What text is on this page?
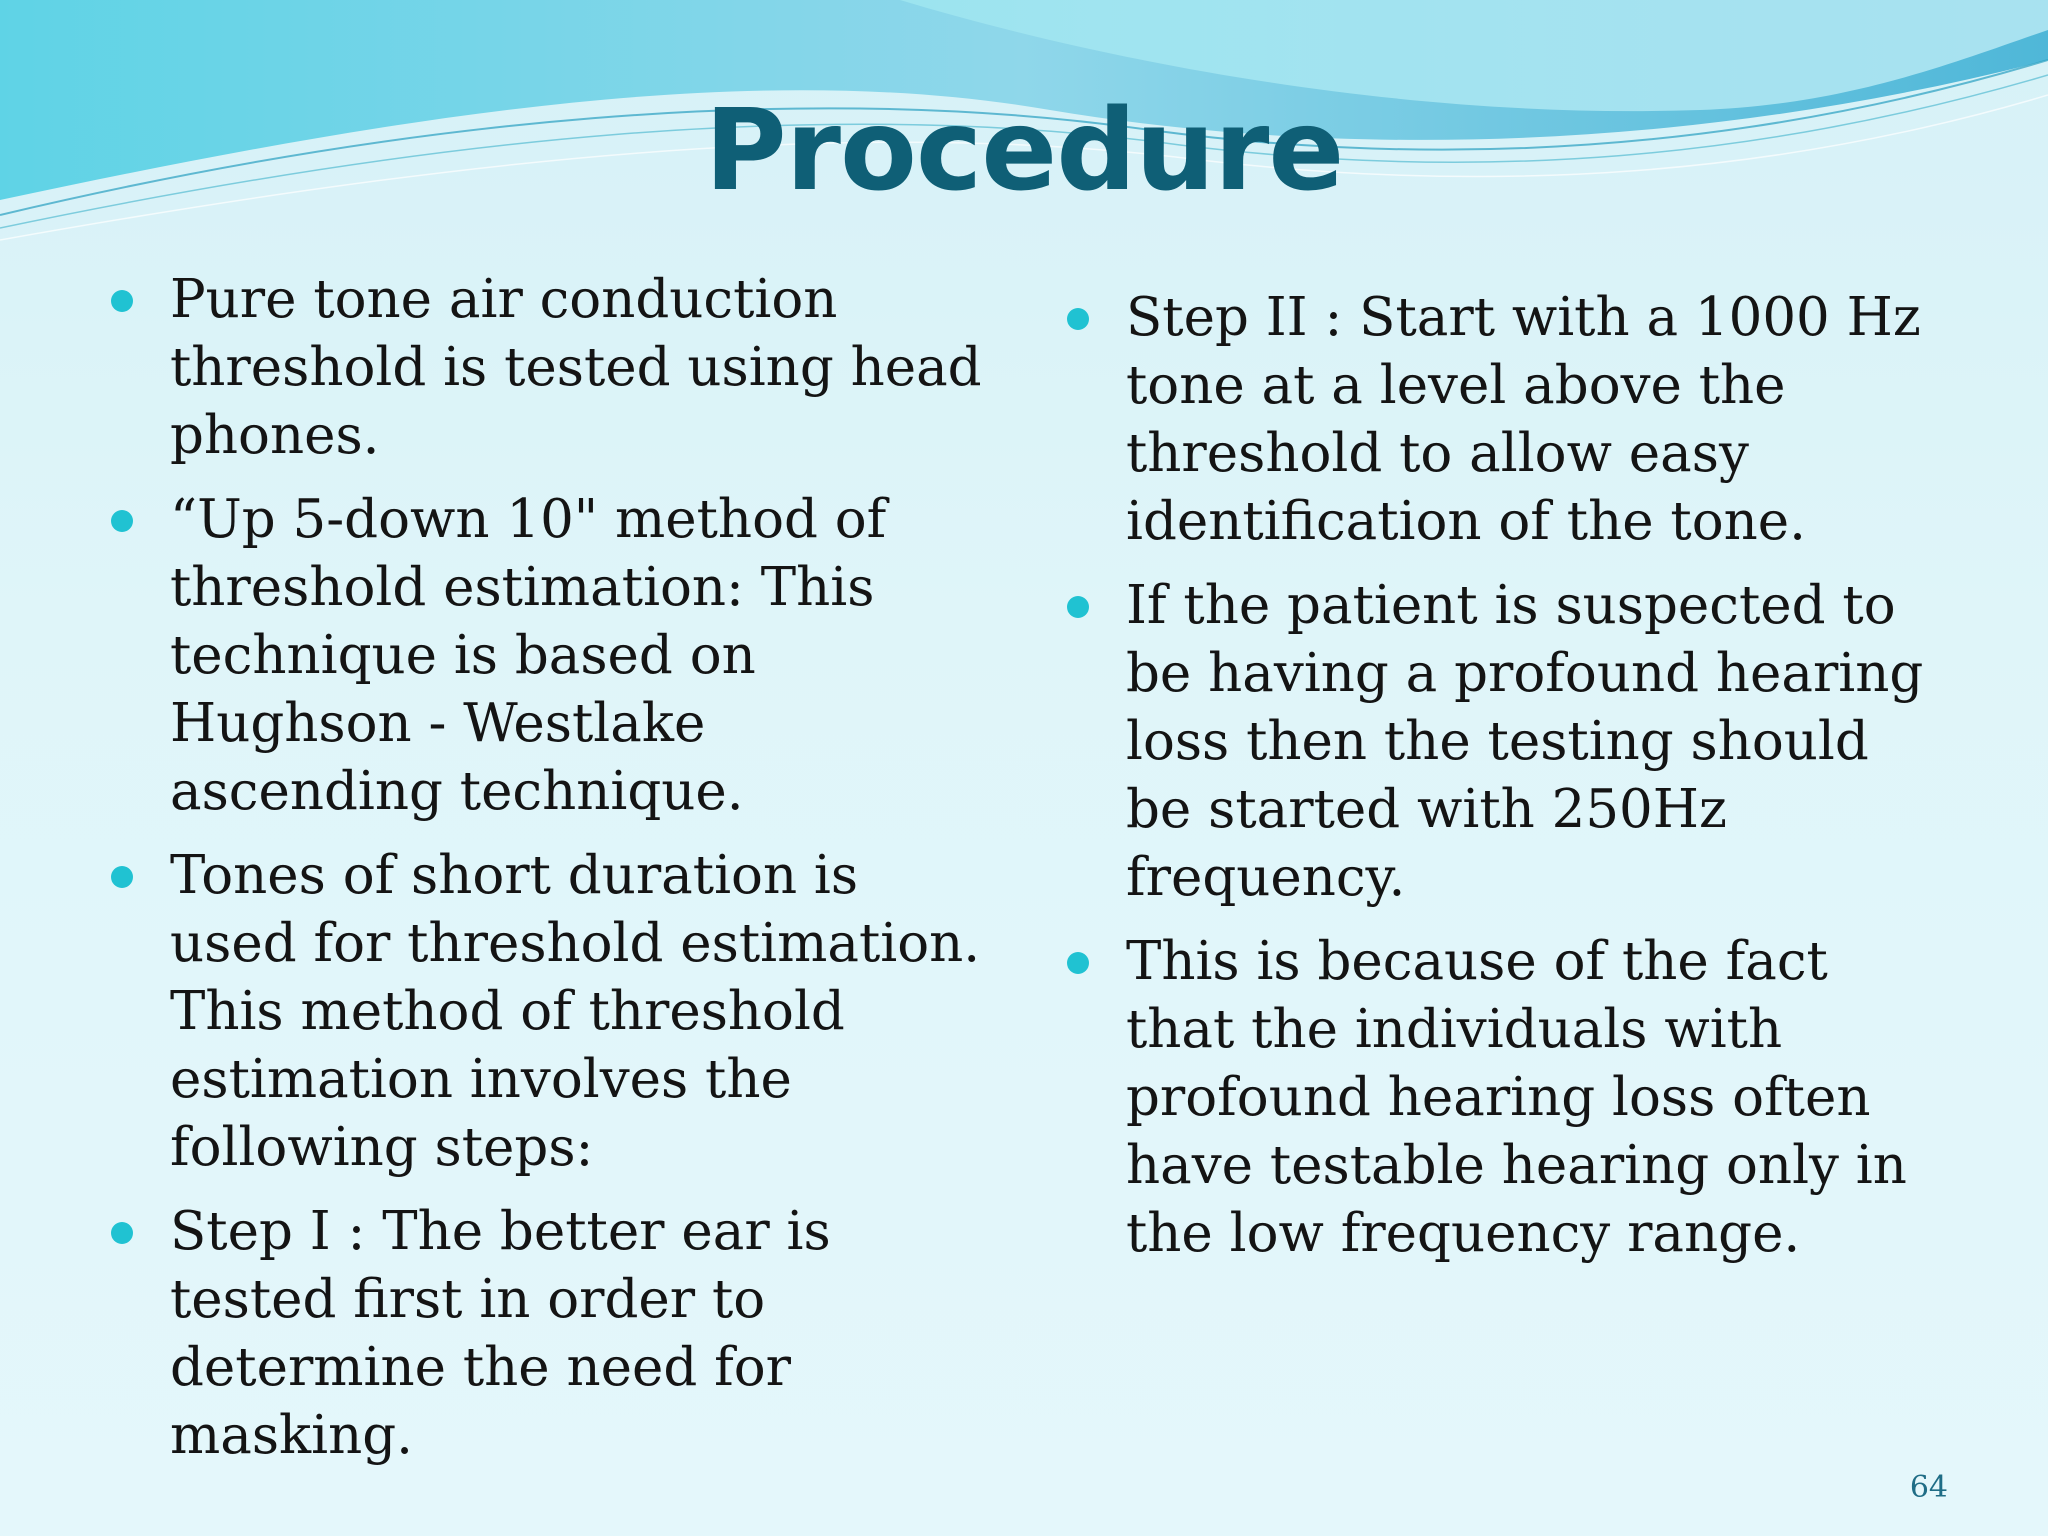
Procedure
Pure tone air conduction threshold is tested using head phones.
“Up 5-down 10" method of threshold estimation: This technique is based on Hughson - Westlake ascending technique.
Tones of short duration is used for threshold estimation. This method of threshold estimation involves the following steps:
Step I : The better ear is tested first in order to determine the need for masking.
Step II : Start with a 1000 Hz tone at a level above the threshold to allow easy identification of the tone.
If the patient is suspected to be having a profound hearing loss then the testing should be started with 250Hz frequency.
This is because of the fact that the individuals with profound hearing loss often have testable hearing only in the low frequency range.
64
